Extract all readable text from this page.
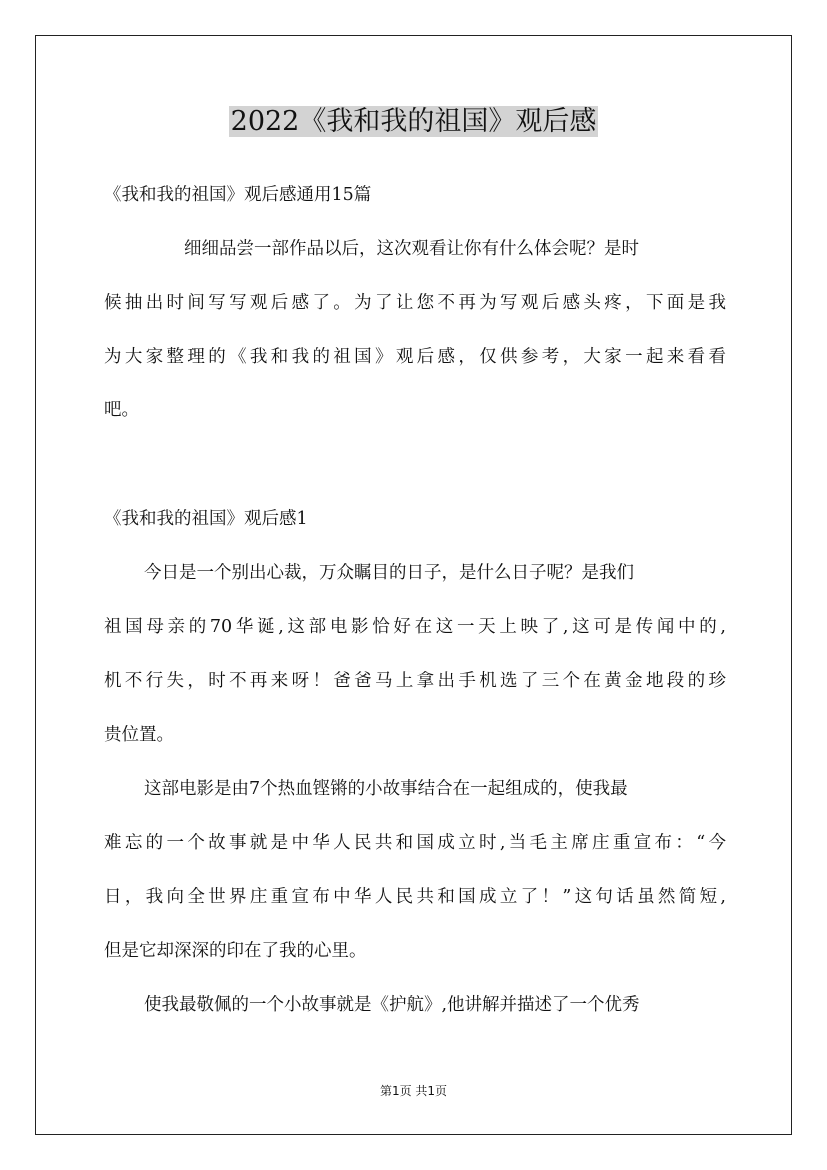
2022《我和我的祖国》观后感
《我和我的祖国》观后感通用15篇
细细品尝一部作品以后，这次观看让你有什么体会呢？是时
候抽出时间写写观后感了。为了让您不再为写观后感头疼，下面是我
为大家整理的《我和我的祖国》观后感，仅供参考，大家一起来看看
吧。
《我和我的祖国》观后感1
今日是一个别出心裁，万众瞩目的日子，是什么日子呢？是我们
祖国母亲的70华诞,这部电影恰好在这一天上映了,这可是传闻中的,
机不行失，时不再来呀！爸爸马上拿出手机选了三个在黄金地段的珍
贵位置。
这部电影是由7个热血铿锵的小故事结合在一起组成的，使我最
难忘的一个故事就是中华人民共和国成立时,当毛主席庄重宣布：“今
日，我向全世界庄重宣布中华人民共和国成立了！”这句话虽然简短,
但是它却深深的印在了我的心里。
使我最敬佩的一个小故事就是《护航》,他讲解并描述了一个优秀
第1页 共1页
